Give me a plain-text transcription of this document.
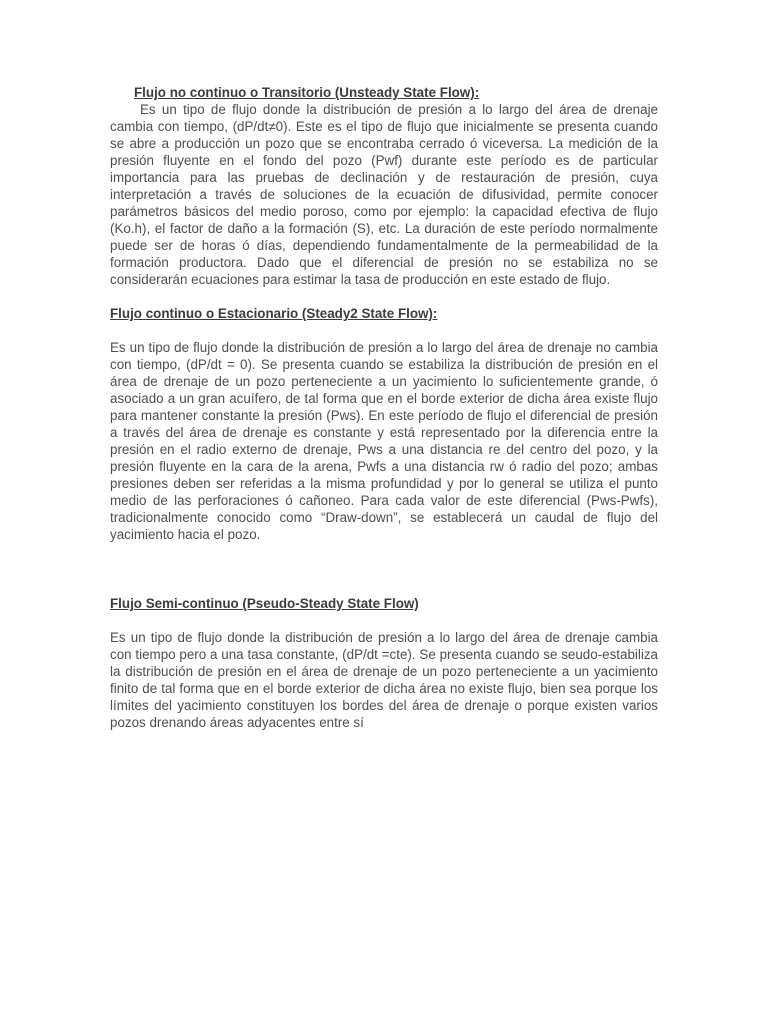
Flujo no continuo o Transitorio (Unsteady State Flow):

Es un tipo de flujo donde la distribución de presión a lo largo del área de drenaje cambia con tiempo, (dP/dt≠0). Este es el tipo de flujo que inicialmente se presenta cuando se abre a producción un pozo que se encontraba cerrado ó viceversa. La medición de la presión fluyente en el fondo del pozo (Pwf) durante este período es de particular importancia para las pruebas de declinación y de restauración de presión, cuya interpretación a través de soluciones de la ecuación de difusividad, permite conocer parámetros básicos del medio poroso, como por ejemplo: la capacidad efectiva de flujo (Ko.h), el factor de daño a la formación (S), etc. La duración de este período normalmente puede ser de horas ó días, dependiendo fundamentalmente de la permeabilidad de la formación productora. Dado que el diferencial de presión no se estabiliza no se considerarán ecuaciones para estimar la tasa de producción en este estado de flujo.

Flujo continuo o Estacionario (Steady2 State Flow):

Es un tipo de flujo donde la distribución de presión a lo largo del área de drenaje no cambia con tiempo, (dP/dt = 0). Se presenta cuando se estabiliza la distribución de presión en el área de drenaje de un pozo perteneciente a un yacimiento lo suficientemente grande, ó asociado a un gran acuífero, de tal forma que en el borde exterior de dicha área existe flujo para mantener constante la presión (Pws). En este período de flujo el diferencial de presión a través del área de drenaje es constante y está representado por la diferencia entre la presión en el radio externo de drenaje, Pws a una distancia re del centro del pozo, y la presión fluyente en la cara de la arena, Pwfs a una distancia rw ó radio del pozo; ambas presiones deben ser referidas a la misma profundidad y por lo general se utiliza el punto medio de las perforaciones ó cañoneo. Para cada valor de este diferencial (Pws-Pwfs), tradicionalmente conocido como “Draw-down”, se establecerá un caudal de flujo del yacimiento hacia el pozo.

Flujo Semi-continuo (Pseudo-Steady State Flow)

Es un tipo de flujo donde la distribución de presión a lo largo del área de drenaje cambia con tiempo pero a una tasa constante, (dP/dt =cte). Se presenta cuando se seudo-estabiliza la distribución de presión en el área de drenaje de un pozo perteneciente a un yacimiento finito de tal forma que en el borde exterior de dicha área no existe flujo, bien sea porque los límites del yacimiento constituyen los bordes del área de drenaje o porque existen varios pozos drenando áreas adyacentes entre sí
